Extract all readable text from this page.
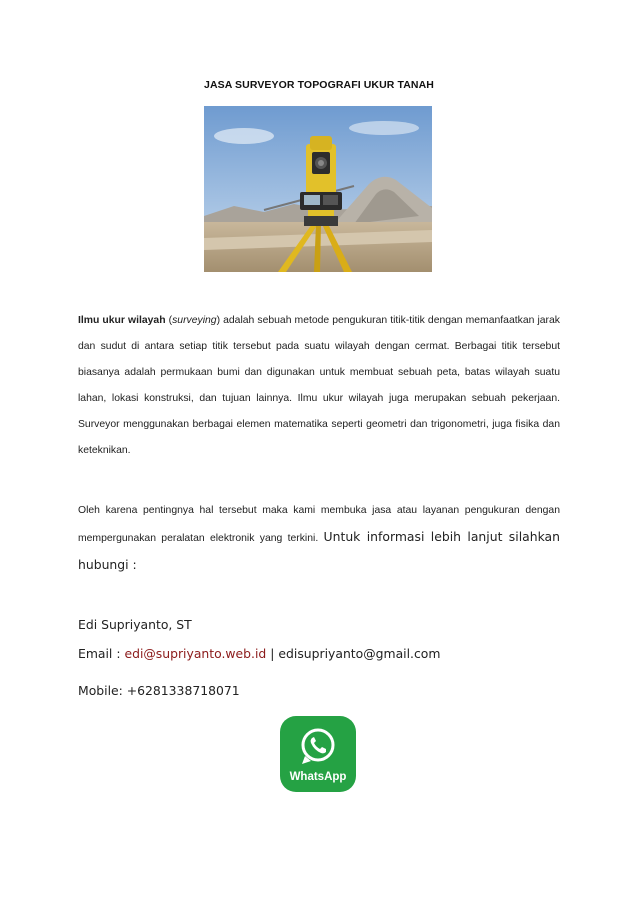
JASA SURVEYOR TOPOGRAFI UKUR TANAH
Ilmu ukur wilayah (surveying) adalah sebuah metode pengukuran titik-titik dengan memanfaatkan jarak dan sudut di antara setiap titik tersebut pada suatu wilayah dengan cermat. Berbagai titik tersebut biasanya adalah permukaan bumi dan digunakan untuk membuat sebuah peta, batas wilayah suatu lahan, lokasi konstruksi, dan tujuan lainnya. Ilmu ukur wilayah juga merupakan sebuah pekerjaan. Surveyor menggunakan berbagai elemen matematika seperti geometri dan trigonometri, juga fisika dan keteknikan.
Oleh karena pentingnya hal tersebut maka kami membuka jasa atau layanan pengukuran dengan mempergunakan peralatan elektronik yang terkini. Untuk informasi lebih lanjut silahkan hubungi :
Edi Supriyanto, ST
Email : edi@supriyanto.web.id | edisupriyanto@gmail.com
Mobile: +6281338718071
WhatsApp
